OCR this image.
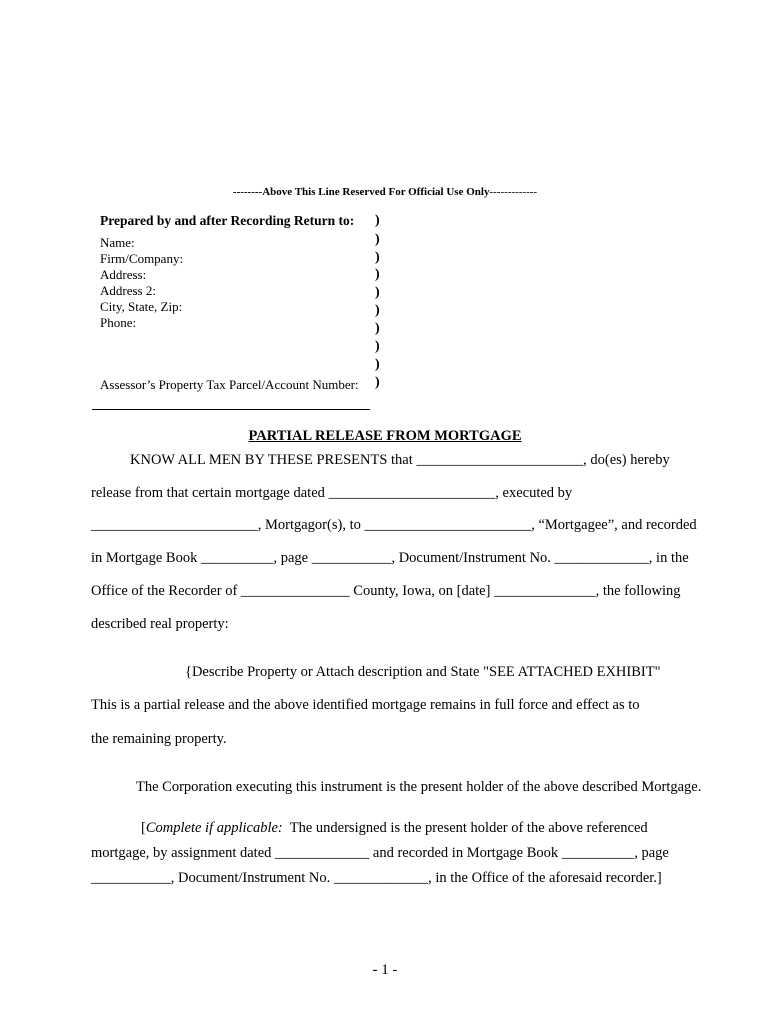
--------Above This Line Reserved For Official Use Only-------------
Prepared by and after Recording Return to:
Name:
Firm/Company:
Address:
Address 2:
City, State, Zip:
Phone:
Assessor’s Property Tax Parcel/Account Number:
)
)
)
)
)
)
)
)
)
)
PARTIAL RELEASE FROM MORTGAGE
KNOW ALL MEN BY THESE PRESENTS that _______________________, do(es) hereby
release from that certain mortgage dated _______________________, executed by
_______________________, Mortgagor(s), to _______________________, “Mortgagee”, and recorded
in Mortgage Book __________, page ___________, Document/Instrument No. _____________, in the
Office of the Recorder of _______________ County, Iowa, on [date] ______________, the following
described real property:
{Describe Property or Attach description and State "SEE ATTACHED EXHIBIT"
This is a partial release and the above identified mortgage remains in full force and effect as to
the remaining property.
The Corporation executing this instrument is the present holder of the above described Mortgage.
[Complete if applicable:  The undersigned is the present holder of the above referenced
mortgage, by assignment dated _____________ and recorded in Mortgage Book __________, page
___________, Document/Instrument No. _____________, in the Office of the aforesaid recorder.]
- 1 -
